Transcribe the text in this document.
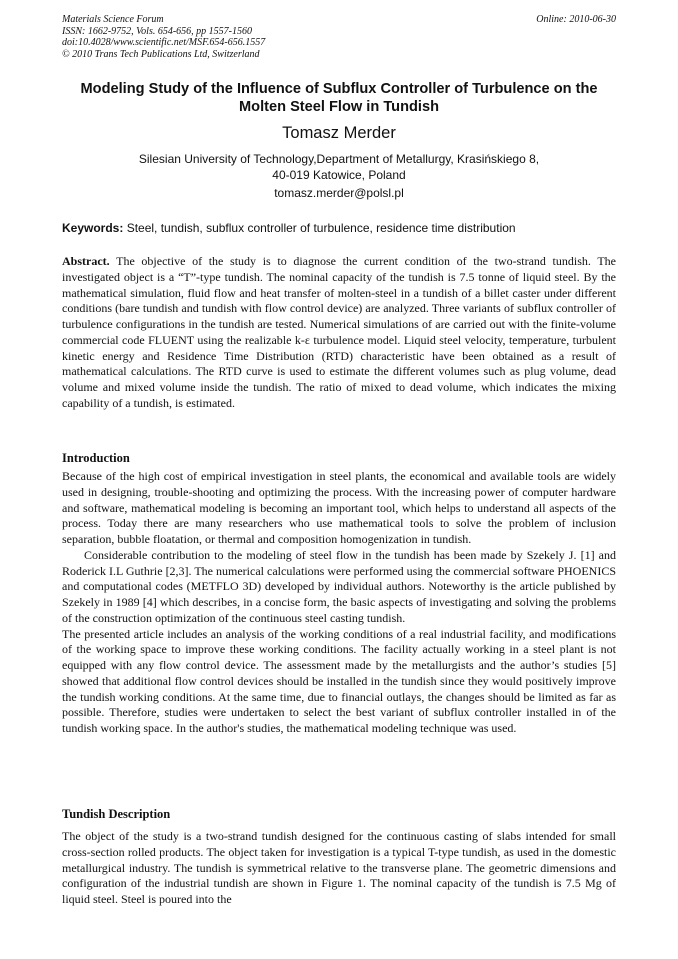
Materials Science Forum
ISSN: 1662-9752, Vols. 654-656, pp 1557-1560
doi:10.4028/www.scientific.net/MSF.654-656.1557
© 2010 Trans Tech Publications Ltd, Switzerland
Online: 2010-06-30
Modeling Study of the Influence of Subflux Controller of Turbulence on the Molten Steel Flow in Tundish
Tomasz Merder
Silesian University of Technology,Department of Metallurgy, Krasińskiego 8,
40-019 Katowice, Poland
tomasz.merder@polsl.pl
Keywords: Steel, tundish, subflux controller of turbulence, residence time distribution

Abstract. The objective of the study is to diagnose the current condition of the two-strand tundish. The investigated object is a “T”-type tundish. The nominal capacity of the tundish is 7.5 tonne of liquid steel. By the mathematical simulation, fluid flow and heat transfer of molten-steel in a tundish of a billet caster under different conditions (bare tundish and tundish with flow control device) are analyzed. Three variants of subflux controller of turbulence configurations in the tundish are tested. Numerical simulations of are carried out with the finite-volume commercial code FLUENT using the realizable k-ε turbulence model. Liquid steel velocity, temperature, turbulent kinetic energy and Residence Time Distribution (RTD) characteristic have been obtained as a result of mathematical calculations. The RTD curve is used to estimate the different volumes such as plug volume, dead volume and mixed volume inside the tundish. The ratio of mixed to dead volume, which indicates the mixing capability of a tundish, is estimated.

Introduction

Because of the high cost of empirical investigation in steel plants, the economical and available tools are widely used in designing, trouble-shooting and optimizing the process. With the increasing power of computer hardware and software, mathematical modeling is becoming an important tool, which helps to understand all aspects of the process. Today there are many researchers who use mathematical tools to solve the problem of inclusion separation, bubble floatation, or thermal and composition homogenization in tundish.

Considerable contribution to the modeling of steel flow in the tundish has been made by Szekely J. [1] and Roderick I.L Guthrie [2,3]. The numerical calculations were performed using the commercial software PHOENICS and computational codes (METFLO 3D) developed by individual authors. Noteworthy is the article published by Szekely in 1989 [4] which describes, in a concise form, the basic aspects of investigating and solving the problems of the construction optimization of the continuous steel casting tundish.

The presented article includes an analysis of the working conditions of a real industrial facility, and modifications of the working space to improve these working conditions. The facility actually working in a steel plant is not equipped with any flow control device. The assessment made by the metallurgists and the author’s studies [5] showed that additional flow control devices should be installed in the tundish since they would positively improve the tundish working conditions. At the same time, due to financial outlays, the changes should be limited as far as possible. Therefore, studies were undertaken to select the best variant of subflux controller installed in of the tundish working space. In the author's studies, the mathematical modeling technique was used.

Tundish Description

The object of the study is a two-strand tundish designed for the continuous casting of slabs intended for small cross-section rolled products. The object taken for investigation is a typical T-type tundish, as used in the domestic metallurgical industry. The tundish is symmetrical relative to the transverse plane. The geometric dimensions and configuration of the industrial tundish are shown in Figure 1. The nominal capacity of the tundish is 7.5 Mg of liquid steel. Steel is poured into the
